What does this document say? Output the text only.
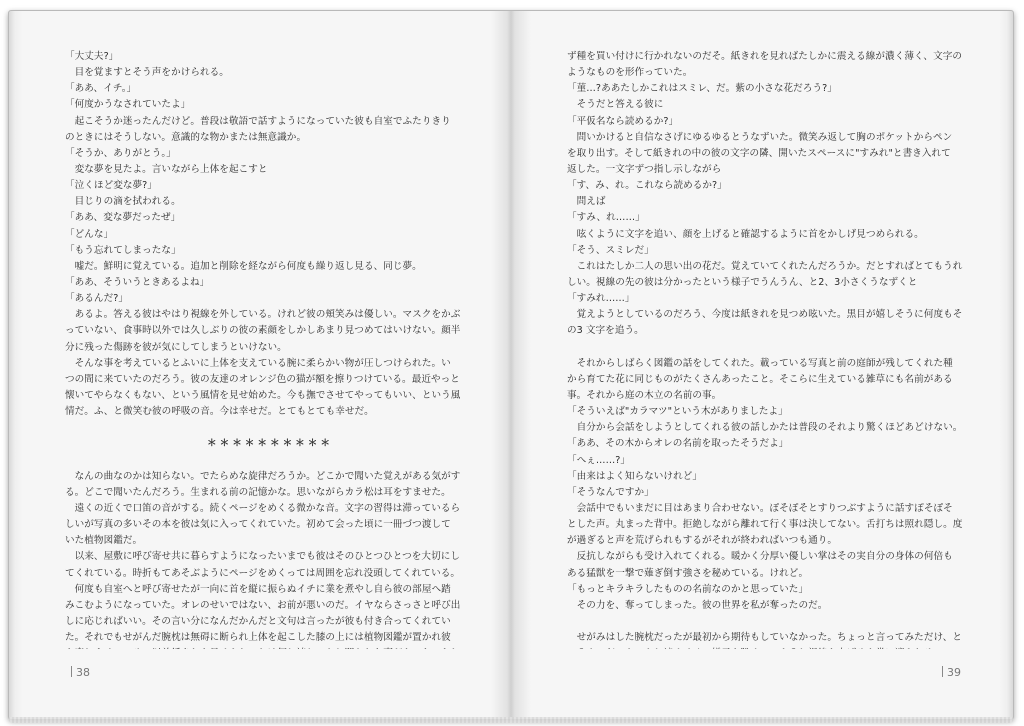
「大丈夫?」
　目を覚ますとそう声をかけられる。
「ああ、イチ。」
「何度かうなされていたよ」
　起こそうか迷ったんだけど。普段は敬語で話すようになっていた彼も自室でふたりきり
のときにはそうしない。意識的な物かまたは無意識か。
「そうか、ありがとう。」
　変な夢を見たよ。言いながら上体を起こすと
「泣くほど変な夢?」
　目じりの滴を拭われる。
「ああ、変な夢だったぜ」
「どんな」
「もう忘れてしまったな」
　嘘だ。鮮明に覚えている。追加と削除を経ながら何度も繰り返し見る、同じ夢。
「ああ、そういうときあるよね」
「あるんだ?」
　あるよ。答える彼はやはり視線を外している。けれど彼の頬笑みは優しい。マスクをかぶ
っていない、食事時以外では久しぶりの彼の素顔をしかしあまり見つめてはいけない。顔半
分に残った傷跡を彼が気にしてしまうといけない。
　そんな事を考えているとふいに上体を支えている腕に柔らかい物が圧しつけられた。い
つの間に来ていたのだろう。彼の友達のオレンジ色の猫が額を擦りつけている。最近やっと
懐いてやらなくもない、という風情を見せ始めた。今も撫でさせてやってもいい、という風
情だ。ふ、と微笑む彼の呼吸の音。今は幸せだ。とてもとても幸せだ。
＊＊＊＊＊＊＊＊＊＊
　なんの曲なのかは知らない。でたらめな旋律だろうか。どこかで聞いた覚えがある気がす
る。どこで聞いたんだろう。生まれる前の記憶かな。思いながらカラ松は耳をすませた。
　遠くの近くで口笛の音がする。続くページをめくる微かな音。文字の習得は滞っているら
しいが写真の多いその本を彼は気に入ってくれていた。初めて会った頃に一冊づつ渡して
いた植物図鑑だ。
　以来、屋敷に呼び寄せ共に暮らすようになったいまでも彼はそのひとつひとつを大切にし
てくれている。時折もてあそぶようにページをめくっては周囲を忘れ没頭してくれている。
　何度も自室へと呼び寄せたが一向に首を縦に振らぬイチに業を煮やし自ら彼の部屋へ踏
みこむようになっていた。オレのせいではない、お前が悪いのだ。イヤならさっさと呼び出
しに応じればいい。その言い分になんだかんだと文句は言ったが彼も付き合ってくれてい
た。それでもせがんだ腕枕は無碍に断られ上体を起こした膝の上には植物図鑑が置かれ彼
ず種を買い付けに行かれないのだそ。紙きれを見ればたしかに震える線が濃く薄く、文字の
ようなものを形作っていた。
「菫…?ああたしかこれはスミレ、だ。紫の小さな花だろう?」
　そうだと答える彼に
「平仮名なら読めるか?」
　問いかけると自信なさげにゆるゆるとうなずいた。微笑み返して胸のポケットからペン
を取り出す。そして紙きれの中の彼の文字の隣、開いたスペースに"すみれ"と書き入れて
返した。一文字ずつ指し示しながら
「す、み、れ。これなら読めるか?」
　問えば
「すみ、れ……」
　呟くように文字を追い、顔を上げると確認するように首をかしげ見つめられる。
「そう、スミレだ」
　これはたしか二人の思い出の花だ。覚えていてくれたんだろうか。だとすればとてもうれ
しい。視線の先の彼は分かったという様子でうんうん、と2、3小さくうなずくと
「すみれ……」
　覚えようとしているのだろう、今度は紙きれを見つめ呟いた。黒目が嬉しそうに何度もそ
の3 文字を追う。
　それからしばらく図鑑の話をしてくれた。載っている写真と前の庭師が残してくれた種
から育てた花に同じものがたくさんあったこと。そこらに生えている雑草にも名前がある
事。それから庭の木立の名前の事。
「そういえば"カラマツ"という木がありましたよ」
　自分から会話をしようとしてくれる彼の話しかたは普段のそれより驚くほどあどけない。
「ああ、その木からオレの名前を取ったそうだよ」
「へぇ……?」
「由来はよく知らないけれど」
「そうなんですか」
　会話中でもいまだに目はあまり合わせない。ぽそぽそとすりつぶすように話すぽそぽそ
とした声。丸まった背中。拒絶しながら離れて行く事は決してない。舌打ちは照れ隠し。度
が過ぎると声を荒げられもするがそれが終わればいつも通り。
　反抗しながらも受け入れてくれる。暖かく分厚い優しい掌はその実自分の身体の何倍も
ある猛獣を一撃で薙ぎ倒す強さを秘めている。けれど。
「もっとキラキラしたものの名前なのかと思っていた」
　その力を、奪ってしまった。彼の世界を私が奪ったのだ。
　せがみはした腕枕だったが最初から期待もしていなかった。ちょっと言ってみただけ、と
38	39
